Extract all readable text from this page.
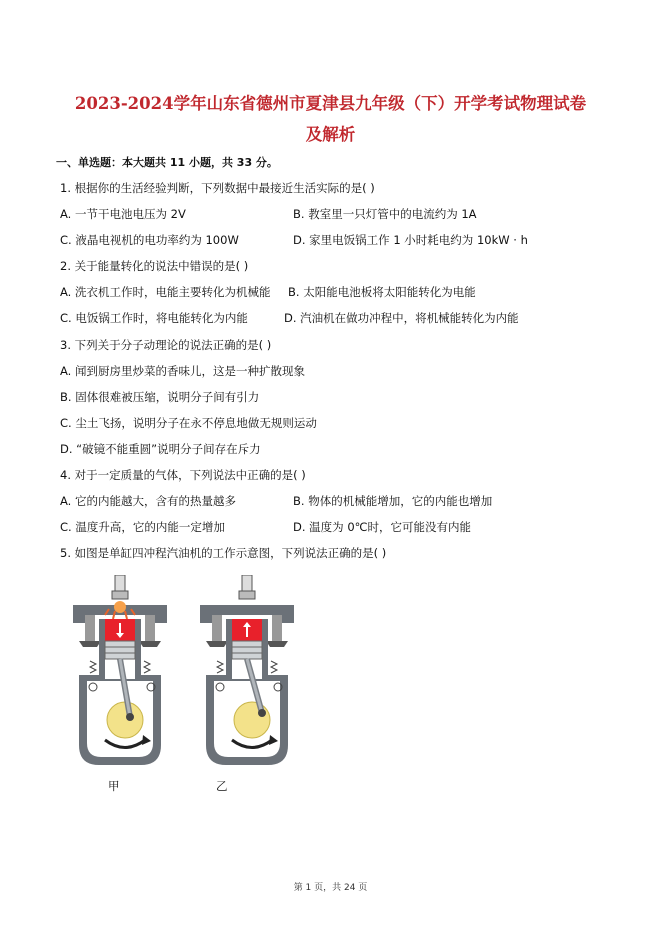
2023-2024学年山东省德州市夏津县九年级（下）开学考试物理试卷
及解析
一、单选题：本大题共 11 小题，共 33 分。
1. 根据你的生活经验判断，下列数据中最接近生活实际的是( )
A. 一节干电池电压为 2V	B. 教室里一只灯管中的电流约为 1A
C. 液晶电视机的电功率约为 100W	D. 家里电饭锅工作 1 小时耗电约为 10kW · h
2. 关于能量转化的说法中错误的是( )
A. 洗衣机工作时，电能主要转化为机械能 B. 太阳能电池板将太阳能转化为电能
C. 电饭锅工作时，将电能转化为内能	D. 汽油机在做功冲程中，将机械能转化为内能
3. 下列关于分子动理论的说法正确的是( )
A. 闻到厨房里炒菜的香味儿，这是一种扩散现象
B. 固体很难被压缩，说明分子间有引力
C. 尘土飞扬，说明分子在永不停息地做无规则运动
D. “破镜不能重圆”说明分子间存在斥力
4. 对于一定质量的气体，下列说法中正确的是( )
A. 它的内能越大，含有的热量越多	B. 物体的机械能增加，它的内能也增加
C. 温度升高，它的内能一定增加	D. 温度为 0℃时，它可能没有内能
5. 如图是单缸四冲程汽油机的工作示意图，下列说法正确的是( )
甲	乙
第 1 页，共 24 页
